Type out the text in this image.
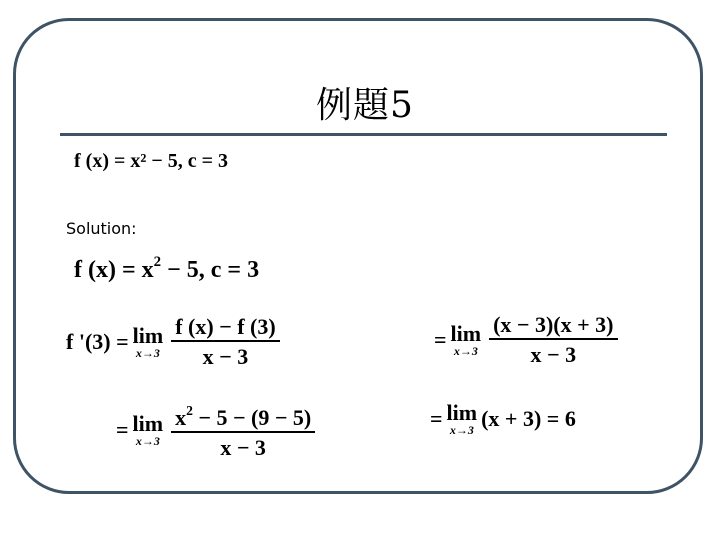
例題5
f (x) = x² − 5, c = 3
Solution:
f $(x) = x^2 - 5$, c = 3
f '(3) = lim
$x\to 3 \frac{f (x) - f (3)}{x - 3}$
= lim
$x\to 3 \frac{x^2 - 5 - (9 - 5)}{x - 3}$
= lim
$x\to 3 \frac{(x - 3)(x + 3)}{x - 3}$
= lim
x→3 (x + 3) = 6
